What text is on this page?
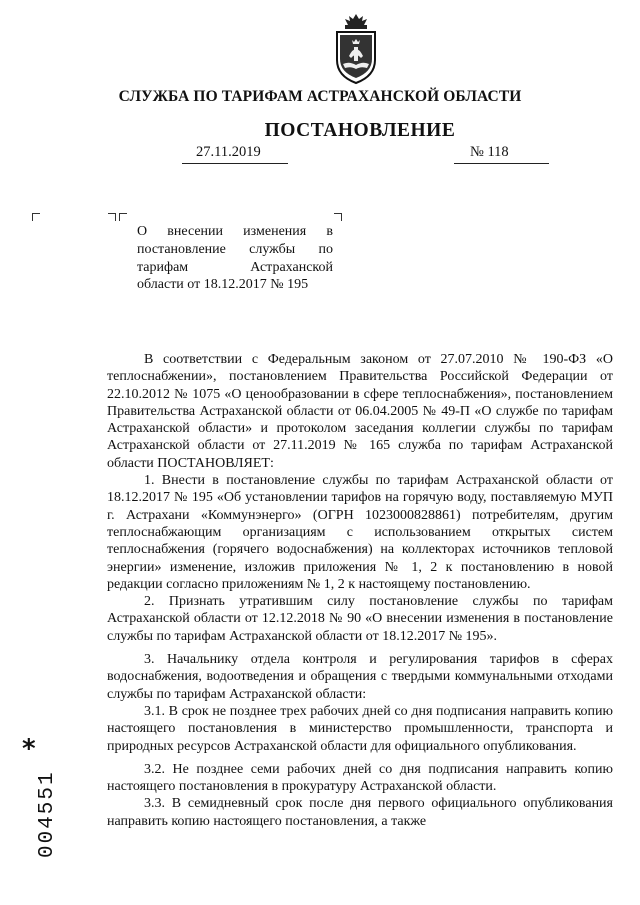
СЛУЖБА ПО ТАРИФАМ АСТРАХАНСКОЙ ОБЛАСТИ
ПОСТАНОВЛЕНИЕ
27.11.2019	№ 118
О внесении изменения в
постановление службы по
тарифам Астраханской
области от 18.12.2017 № 195

В соответствии с Федеральным законом от 27.07.2010 № 190-ФЗ «О теплоснабжении», постановлением Правительства Российской Федерации от 22.10.2012 № 1075 «О ценообразовании в сфере теплоснабжения», постановлением Правительства Астраханской области от 06.04.2005 № 49-П «О службе по тарифам Астраханской области» и протоколом заседания коллегии службы по тарифам Астраханской области от 27.11.2019 № 165 служба по тарифам Астраханской области ПОСТАНОВЛЯЕТ:

1. Внести в постановление службы по тарифам Астраханской области от 18.12.2017 № 195 «Об установлении тарифов на горячую воду, поставляемую МУП г. Астрахани «Коммунэнерго» (ОГРН 1023000828861) потребителям, другим теплоснабжающим организациям с использованием открытых систем теплоснабжения (горячего водоснабжения) на коллекторах источников тепловой энергии» изменение, изложив приложения № 1, 2 к постановлению в новой редакции согласно приложениям № 1, 2 к настоящему постановлению.

2. Признать утратившим силу постановление службы по тарифам Астраханской области от 12.12.2018 № 90 «О внесении изменения в постановление службы по тарифам Астраханской области от 18.12.2017 № 195».

3. Начальнику отдела контроля и регулирования тарифов в сферах водоснабжения, водоотведения и обращения с твердыми коммунальными отходами службы по тарифам Астраханской области:

3.1. В срок не позднее трех рабочих дней со дня подписания направить копию настоящего постановления в министерство промышленности, транспорта и природных ресурсов Астраханской области для официального опубликования.

3.2. Не позднее семи рабочих дней со дня подписания направить копию настоящего постановления в прокуратуру Астраханской области.

3.3. В семидневный срок после дня первого официального опубликования направить копию настоящего постановления, а также

*
004551
